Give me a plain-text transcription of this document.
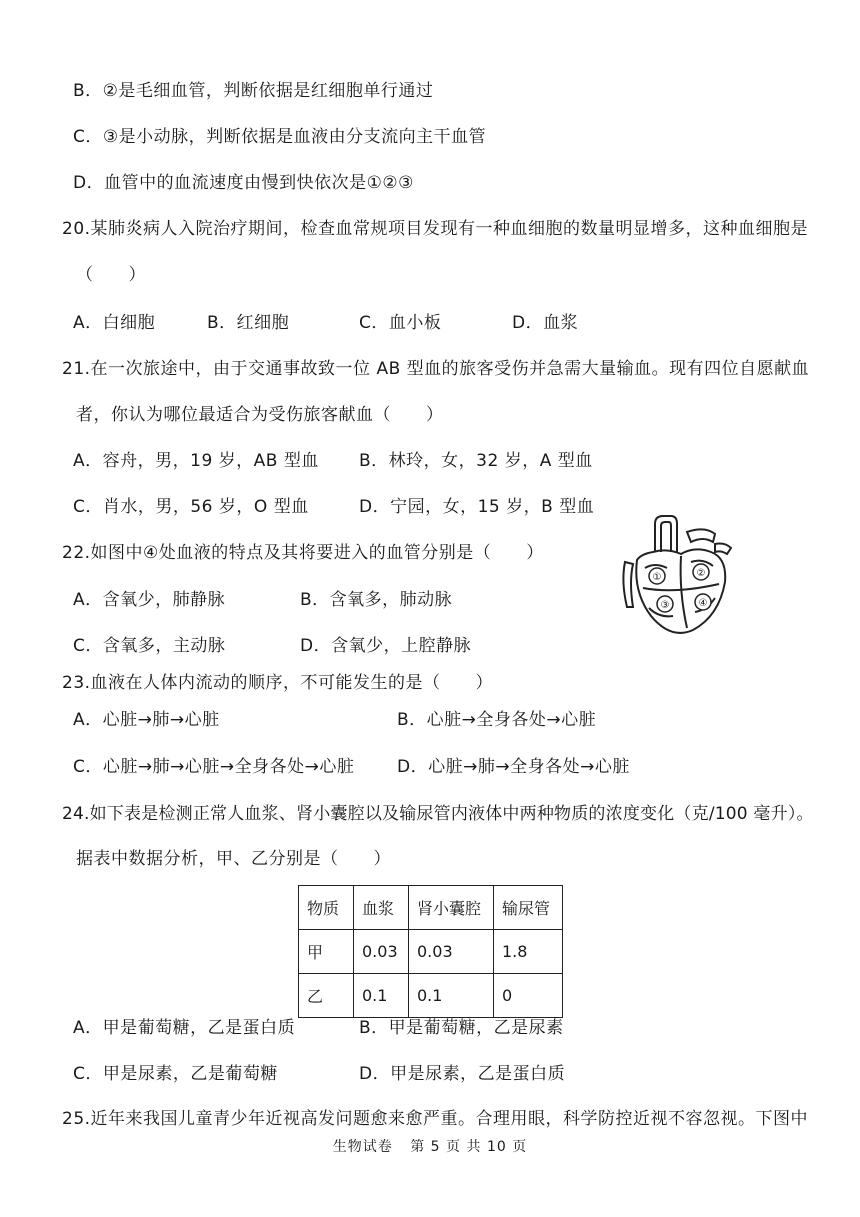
B．②是毛细血管，判断依据是红细胞单行通过
C．③是小动脉，判断依据是血液由分支流向主干血管
D．血管中的血流速度由慢到快依次是①②③
20.某肺炎病人入院治疗期间，检查血常规项目发现有一种血细胞的数量明显增多，这种血细胞是
（　　）
A．白细胞	B．红细胞	C．血小板	D．血浆
21.在一次旅途中，由于交通事故致一位 AB 型血的旅客受伤并急需大量输血。现有四位自愿献血
者，你认为哪位最适合为受伤旅客献血（　　）
A．容舟，男，19 岁，AB 型血 B．林玲，女，32 岁，A 型血
C．肖水，男，56 岁，O 型血	D．宁园，女，15 岁，B 型血
22.如图中④处血液的特点及其将要进入的血管分别是（　　）
A．含氧少，肺静脉	B．含氧多，肺动脉
C．含氧多，主动脉	D．含氧少，上腔静脉
①	②
③	④
23.血液在人体内流动的顺序，不可能发生的是（　　）
A．心脏→肺→心脏	B．心脏→全身各处→心脏
C．心脏→肺→心脏→全身各处→心脏	D．心脏→肺→全身各处→心脏
24.如下表是检测正常人血浆、肾小囊腔以及输尿管内液体中两种物质的浓度变化（克/100 毫升）。
据表中数据分析，甲、乙分别是（　　）
物质	血浆	肾小囊腔	输尿管
甲	0.03	0.03	1.8
乙	0.1	0.1	0
A．甲是葡萄糖，乙是蛋白质	B．甲是葡萄糖，乙是尿素
C．甲是尿素，乙是葡萄糖	D．甲是尿素，乙是蛋白质
25.近年来我国儿童青少年近视高发问题愈来愈严重。合理用眼，科学防控近视不容忽视。下图中
生物试卷 第 5 页 共 10 页
